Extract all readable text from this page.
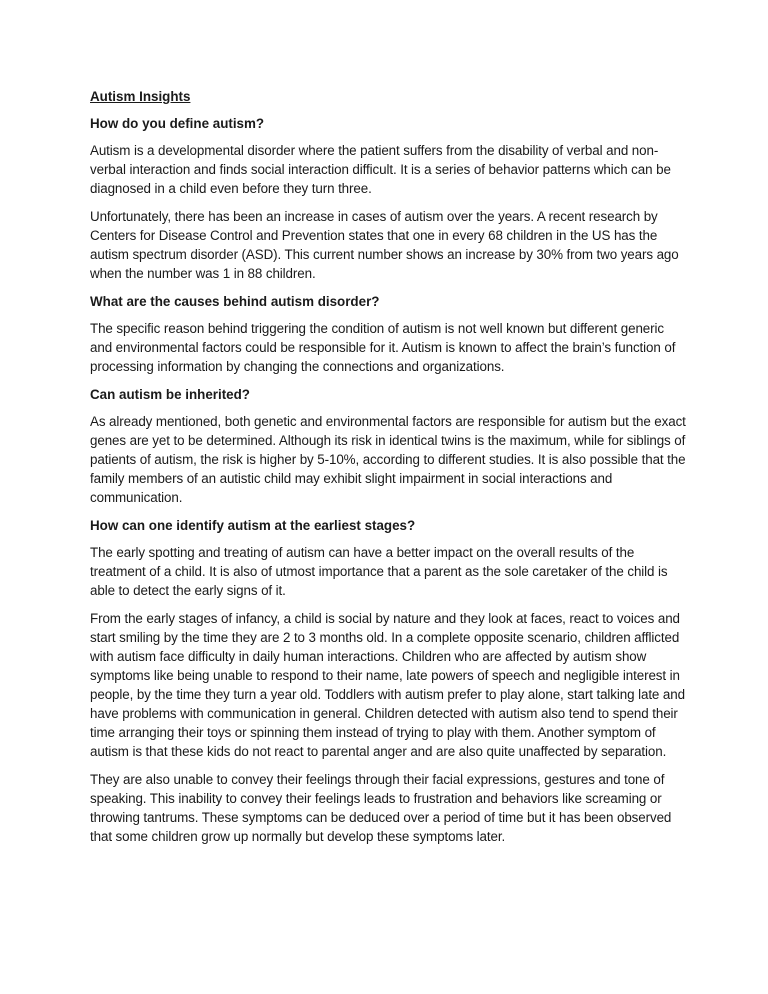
Autism Insights
How do you define autism?
Autism is a developmental disorder where the patient suffers from the disability of verbal and non-verbal interaction and finds social interaction difficult. It is a series of behavior patterns which can be diagnosed in a child even before they turn three.
Unfortunately, there has been an increase in cases of autism over the years. A recent research by Centers for Disease Control and Prevention states that one in every 68 children in the US has the autism spectrum disorder (ASD). This current number shows an increase by 30% from two years ago when the number was 1 in 88 children.
What are the causes behind autism disorder?
The specific reason behind triggering the condition of autism is not well known but different generic and environmental factors could be responsible for it. Autism is known to affect the brain’s function of processing information by changing the connections and organizations.
Can autism be inherited?
As already mentioned, both genetic and environmental factors are responsible for autism but the exact genes are yet to be determined. Although its risk in identical twins is the maximum, while for siblings of patients of autism, the risk is higher by 5-10%, according to different studies. It is also possible that the family members of an autistic child may exhibit slight impairment in social interactions and communication.
How can one identify autism at the earliest stages?
The early spotting and treating of autism can have a better impact on the overall results of the treatment of a child. It is also of utmost importance that a parent as the sole caretaker of the child is able to detect the early signs of it.
From the early stages of infancy, a child is social by nature and they look at faces, react to voices and start smiling by the time they are 2 to 3 months old. In a complete opposite scenario, children afflicted with autism face difficulty in daily human interactions. Children who are affected by autism show symptoms like being unable to respond to their name, late powers of speech and negligible interest in people, by the time they turn a year old. Toddlers with autism prefer to play alone, start talking late and have problems with communication in general. Children detected with autism also tend to spend their time arranging their toys or spinning them instead of trying to play with them. Another symptom of autism is that these kids do not react to parental anger and are also quite unaffected by separation.
They are also unable to convey their feelings through their facial expressions, gestures and tone of speaking. This inability to convey their feelings leads to frustration and behaviors like screaming or throwing tantrums. These symptoms can be deduced over a period of time but it has been observed that some children grow up normally but develop these symptoms later.
